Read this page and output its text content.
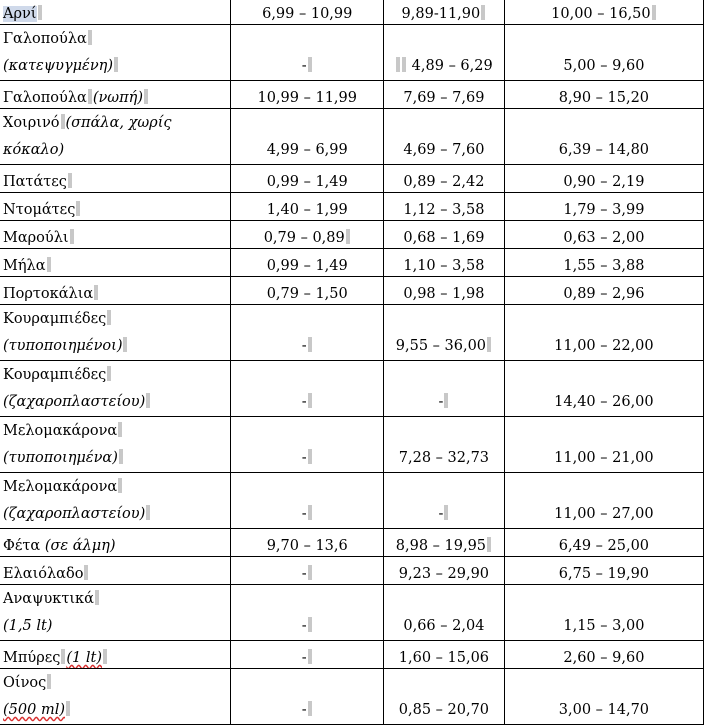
Αρνί	6,99 – 10,99	9,89-11,90	10,00 – 16,50

Γαλοπούλα
(κατεψυγμένη)	-	4,89 – 6,29	5,00 – 9,60

Γαλοπούλα (νωπή)	10,99 – 11,99	7,69 – 7,69	8,90 – 15,20

Χοιρινό (σπάλα, χωρίς
κόκαλο)	4,99 – 6,99	4,69 – 7,60	6,39 – 14,80

Πατάτες	0,99 – 1,49	0,89 – 2,42	0,90 – 2,19
Ντομάτες	1,40 – 1,99	1,12 – 3,58	1,79 – 3,99
Μαρούλι	0,79 – 0,89	0,68 – 1,69	0,63 – 2,00
Μήλα	0,99 – 1,49	1,10 – 3,58	1,55 – 3,88
Πορτοκάλια	0,79 – 1,50	0,98 – 1,98	0,89 – 2,96

Κουραμπιέδες
(τυποποιημένοι)	-	9,55 – 36,00	11,00 – 22,00

Κουραμπιέδες
(ζαχαροπλαστείου)	-	-	14,40 – 26,00

Μελομακάρονα
(τυποποιημένα)	-	7,28 – 32,73	11,00 – 21,00

Μελομακάρονα
(ζαχαροπλαστείου)	-	-	11,00 – 27,00

Φέτα (σε άλμη)	9,70 – 13,6	8,98 – 19,95	6,49 – 25,00
Ελαιόλαδο	-	9,23 – 29,90	6,75 – 19,90

Αναψυκτικά
(1,5 lt)	-	0,66 – 2,04	1,15 – 3,00

Μπύρες (1 lt)	-	1,60 – 15,06	2,60 – 9,60

Οίνος
(500 ml)	-	0,85 – 20,70	3,00 – 14,70
